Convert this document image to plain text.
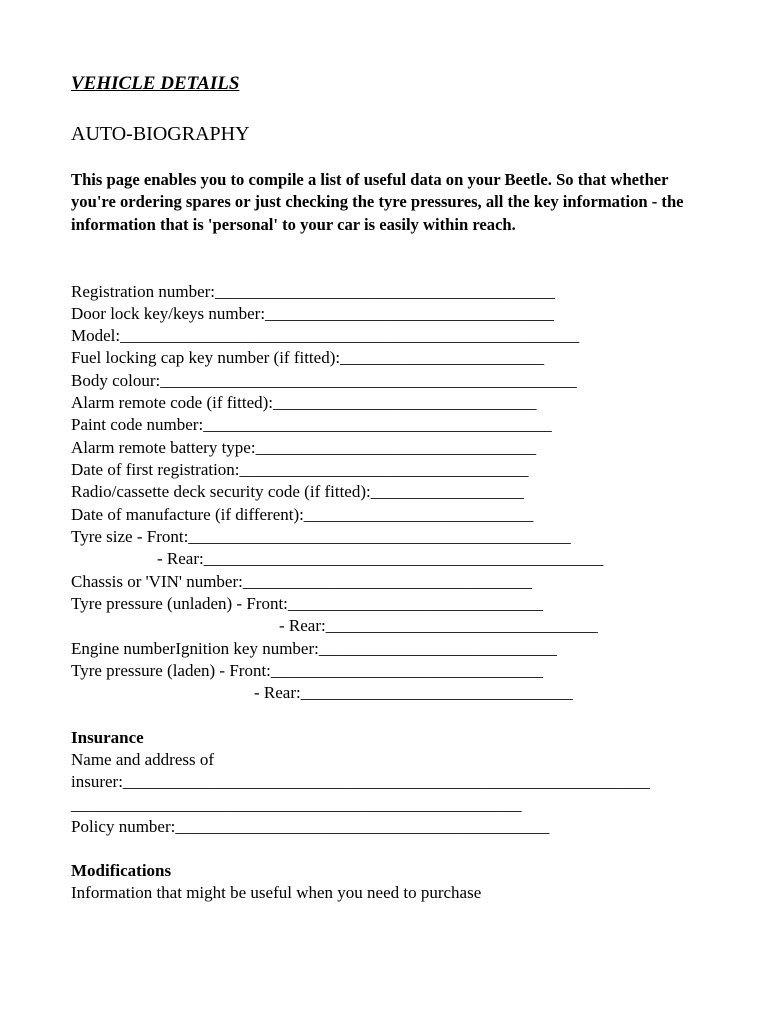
VEHICLE DETAILS
AUTO-BIOGRAPHY
This page enables you to compile a list of useful data on your Beetle. So that whether you're ordering spares or just checking the tyre pressures, all the key information - the information that is 'personal' to your car is easily within reach.
Registration number:________________________________________
Door lock key/keys number:__________________________________
Model:______________________________________________________
Fuel locking cap key number (if fitted):________________________
Body colour:_________________________________________________
Alarm remote code (if fitted):_______________________________
Paint code number:_________________________________________
Alarm remote battery type:_________________________________
Date of first registration:__________________________________
Radio/cassette deck security code (if fitted):__________________
Date of manufacture (if different):___________________________
Tyre size - Front:_____________________________________________
- Rear:_______________________________________________
Chassis or 'VIN' number:__________________________________
Tyre pressure (unladen) - Front:______________________________
- Rear:________________________________
Engine numberIgnition key number:____________________________
Tyre pressure (laden) - Front:________________________________
- Rear:________________________________
Insurance
Name and address of
insurer:______________________________________________________________
_____________________________________________________
Policy number:____________________________________________
Modifications
Information that might be useful when you need to purchase
